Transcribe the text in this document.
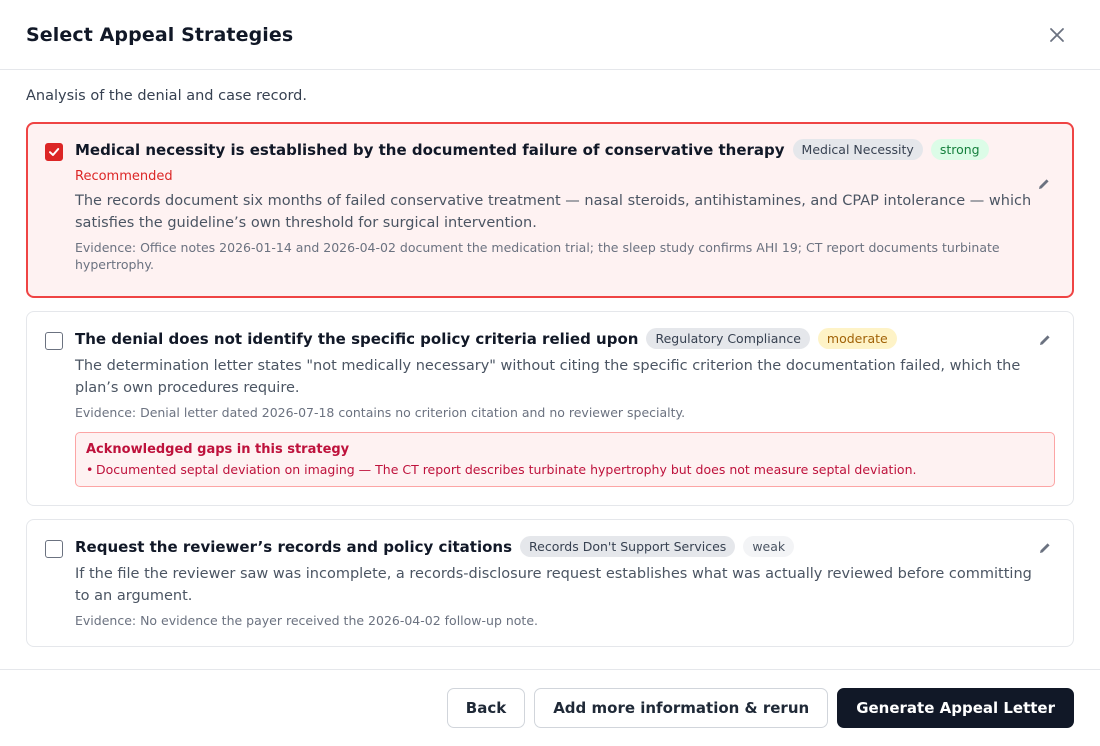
Select Appeal Strategies
Analysis of the denial and case record.
Medical necessity is established by the documented failure of conservative therapy	Medical Necessity	strong
Recommended
The records document six months of failed conservative treatment — nasal steroids, antihistamines, and CPAP intolerance — which satisfies the guideline’s own threshold for surgical intervention.
Evidence: Office notes 2026-01-14 and 2026-04-02 document the medication trial; the sleep study confirms AHI 19; CT report documents turbinate hypertrophy.
The denial does not identify the specific policy criteria relied upon	Regulatory Compliance	moderate
The determination letter states "not medically necessary" without citing the specific criterion the documentation failed, which the plan’s own procedures require.
Evidence: Denial letter dated 2026-07-18 contains no criterion citation and no reviewer specialty.
Acknowledged gaps in this strategy
• Documented septal deviation on imaging — The CT report describes turbinate hypertrophy but does not measure septal deviation.
Request the reviewer’s records and policy citations	Records Don't Support Services	weak
If the file the reviewer saw was incomplete, a records-disclosure request establishes what was actually reviewed before committing to an argument.
Evidence: No evidence the payer received the 2026-04-02 follow-up note.
Back	Add more information & rerun	Generate Appeal Letter
